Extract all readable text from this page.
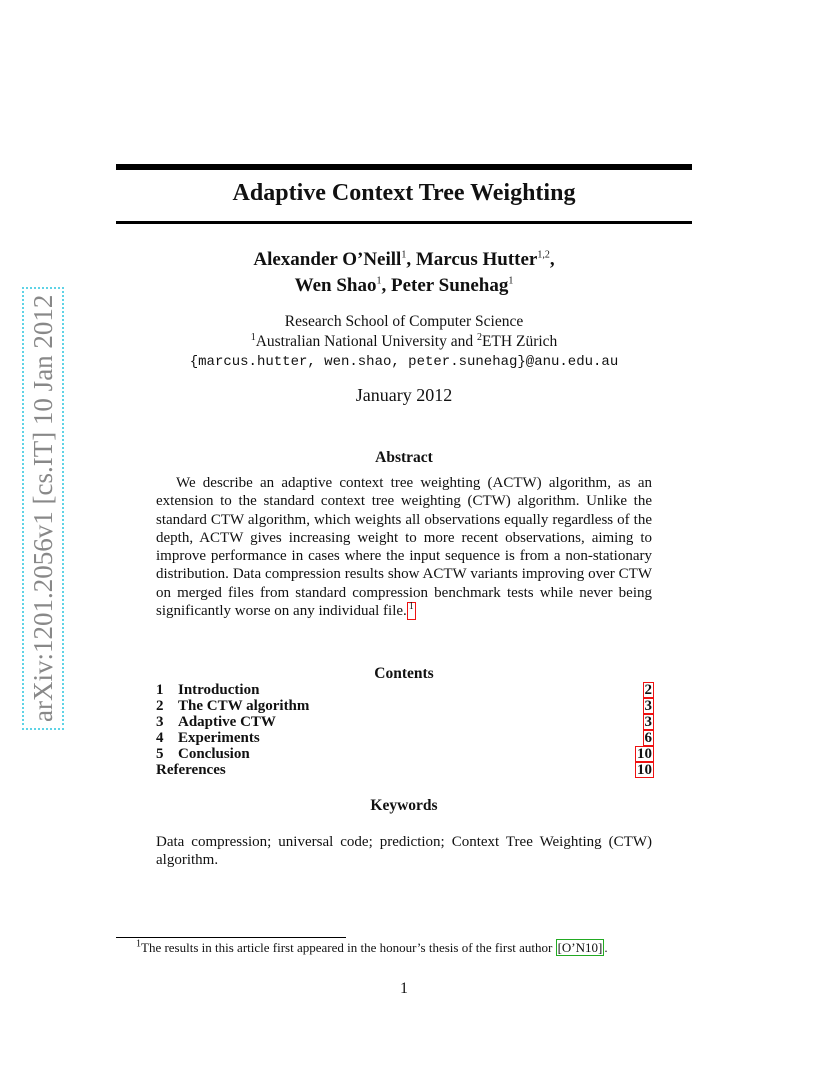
arXiv:1201.2056v1 [cs.IT] 10 Jan 2012
Adaptive Context Tree Weighting
Alexander O’Neill$^1$, Marcus Hutter$^{1,2}$,
Wen Shao$^1$, Peter Sunehag$^1$
Research School of Computer Science
$^1$Australian National University and $^2$ETH Zürich
{marcus.hutter, wen.shao, peter.sunehag}@anu.edu.au
January 2012
Abstract
We describe an adaptive context tree weighting (ACTW) algorithm, as an extension to the standard context tree weighting (CTW) algorithm. Unlike the standard CTW algorithm, which weights all observations equally regardless of the depth, ACTW gives increasing weight to more recent observations, aiming to improve performance in cases where the input sequence is from a non-stationary distribution. Data compression results show ACTW variants improving over CTW on merged files from standard compression benchmark tests while never being significantly worse on any individual file. $^1$
Contents
1 Introduction	2
2 The CTW algorithm	3
3 Adaptive CTW	3
4 Experiments	6
5 Conclusion	10
References	10
Keywords
Data compression; universal code; prediction; Context Tree Weighting (CTW) algorithm.
$^1$The results in this article first appeared in the honour’s thesis of the first author [O’N10] .
1
